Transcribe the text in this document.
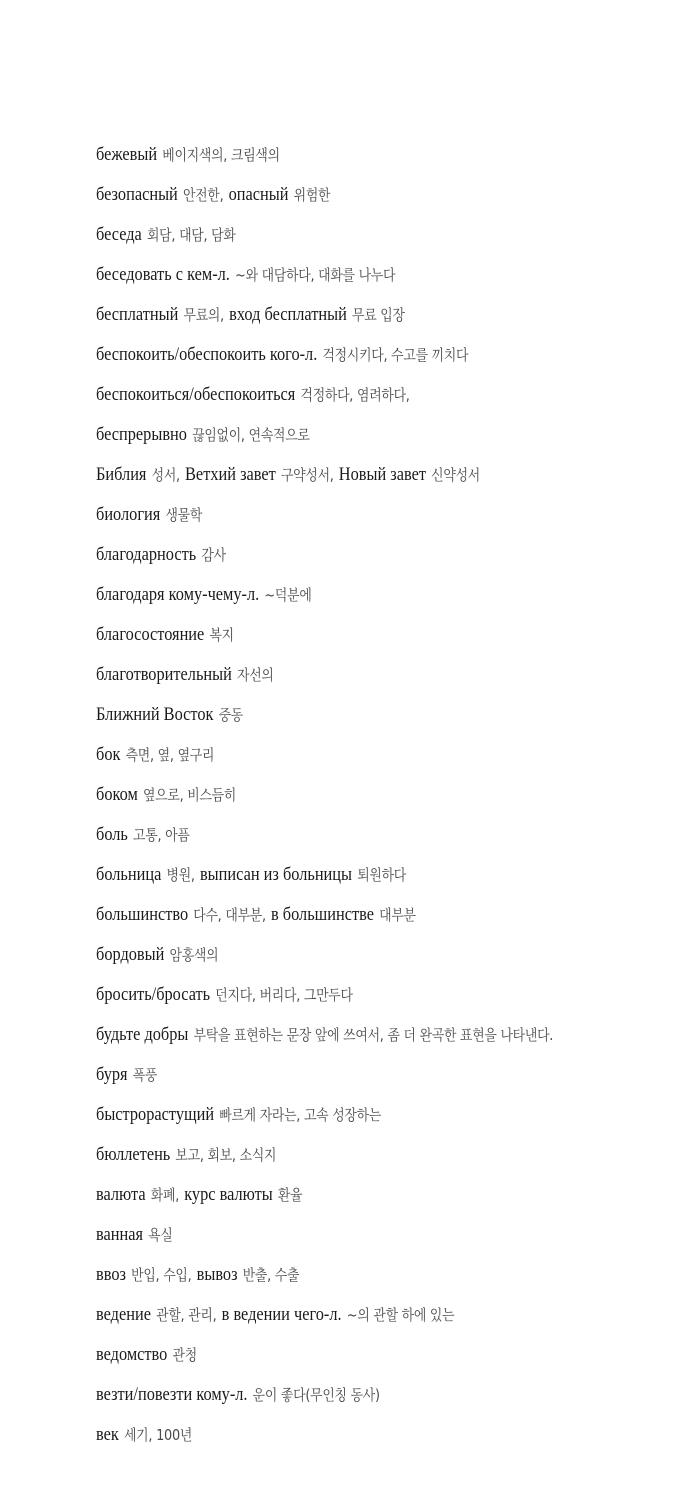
бежевый 베이지색의, 크림색의
безопасный 안전한, опасный 위험한
беседа 회담, 대담, 담화
беседовать с кем-л. ~와 대담하다, 대화를 나누다
бесплатный 무료의, вход бесплатный 무료 입장
беспокоить/обеспокоить кого-л. 걱정시키다, 수고를 끼치다
беспокоиться/обеспокоиться 걱정하다, 염려하다,
беспрерывно 끊임없이, 연속적으로
Библия 성서, Ветхий завет 구약성서, Новый завет 신약성서
биология 생물학
благодарность 감사
благодаря кому-чему-л. ~덕분에
благосостояние 복지
благотворительный 자선의
Ближний Восток 중동
бок 측면, 옆, 옆구리
боком 옆으로, 비스듬히
боль 고통, 아픔
больница 병원, выписан из больницы 퇴원하다
большинство 다수, 대부분, в большинстве 대부분
бордовый 암홍색의
бросить/бросать 던지다, 버리다, 그만두다
будьте добры 부탁을 표현하는 문장 앞에 쓰여서, 좀 더 완곡한 표현을 나타낸다.
буря 폭풍
быстрорастущий 빠르게 자라는, 고속 성장하는
бюллетень 보고, 회보, 소식지
валюта 화폐, курс валюты 환율
ванная 욕실
ввоз 반입, 수입, вывоз 반출, 수출
ведение 관할, 관리, в ведении чего-л. ~의 관할 하에 있는
ведомство 관청
везти/повезти кому-л. 운이 좋다(무인칭 동사)
век 세기, 100년
